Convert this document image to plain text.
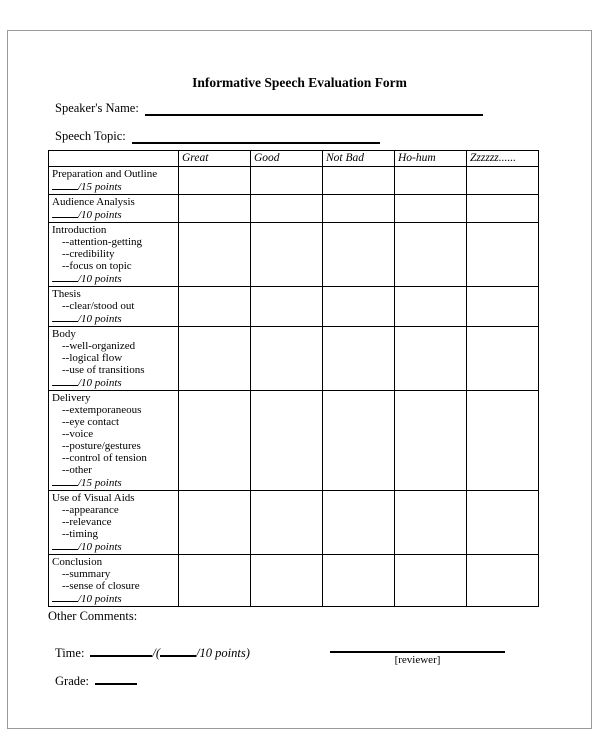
Informative Speech Evaluation Form
Speaker's Name:
Speech Topic:
	Great	Good	Not Bad	Ho-hum	Zzzzzz......

Preparation and Outline
/15 points					

Audience Analysis
/10 points					

Introduction
--attention-getting
--credibility
--focus on topic
/10 points					

Thesis
--clear/stood out
/10 points					

Body
--well-organized
--logical flow
--use of transitions
/10 points					

Delivery
--extemporaneous
--eye contact
--voice
--posture/gestures
--control of tension
--other
/15 points

Use of Visual Aids
--appearance
--relevance
--timing
/10 points					

Conclusion
--summary
--sense of closure
/10 points					

Other Comments:
Time:	/(	/10 points)	[reviewer]
Grade:
